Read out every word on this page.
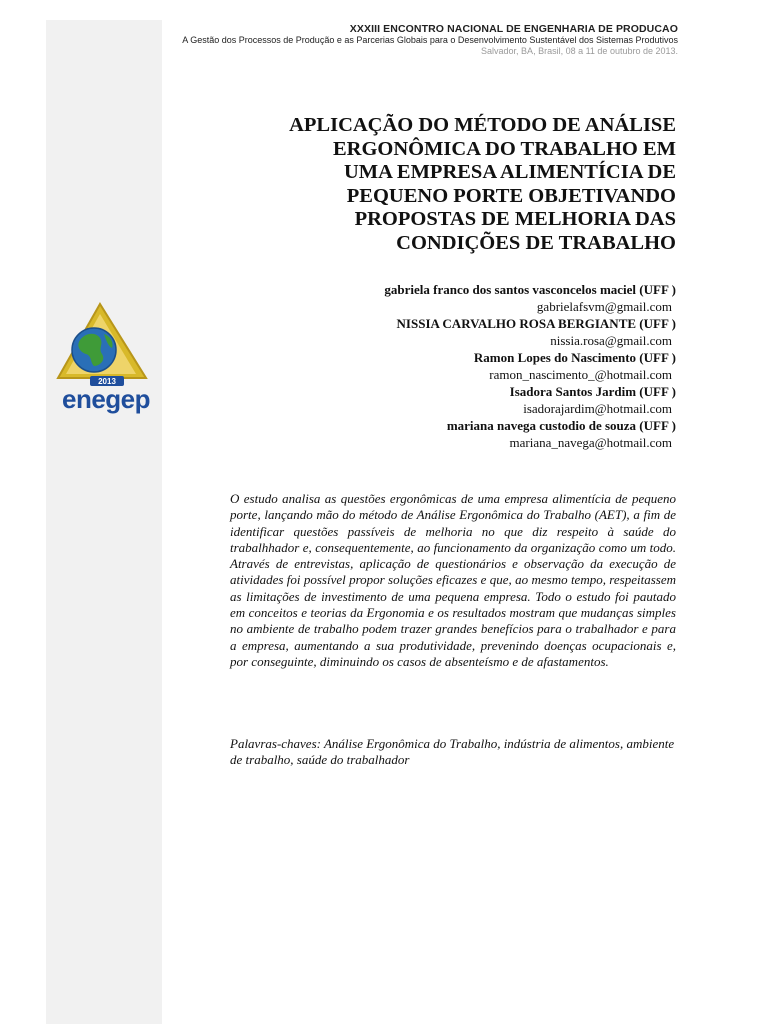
2013
enegep
XXXIII ENCONTRO NACIONAL DE ENGENHARIA DE PRODUCAO
A Gestão dos Processos de Produção e as Parcerias Globais para o Desenvolvimento Sustentável dos Sistemas Produtivos
Salvador, BA, Brasil, 08 a 11 de outubro de 2013.
APLICAÇÃO DO MÉTODO DE ANÁLISE
ERGONÔMICA DO TRABALHO EM
UMA EMPRESA ALIMENTÍCIA DE
PEQUENO PORTE OBJETIVANDO
PROPOSTAS DE MELHORIA DAS
CONDIÇÕES DE TRABALHO
gabriela franco dos santos vasconcelos maciel (UFF )
gabrielafsvm@gmail.com
NISSIA CARVALHO ROSA BERGIANTE (UFF )
nissia.rosa@gmail.com
Ramon Lopes do Nascimento (UFF )
ramon_nascimento_@hotmail.com
Isadora Santos Jardim (UFF )
isadorajardim@hotmail.com
mariana navega custodio de souza (UFF )
mariana_navega@hotmail.com

O estudo analisa as questões ergonômicas de uma empresa alimentícia de pequeno porte, lançando mão do método de Análise Ergonômica do Trabalho (AET), a fim de identificar questões passíveis de melhoria no que diz respeito à saúde do trabalhhador e, consequentemente, ao funcionamento da organização como um todo. Através de entrevistas, aplicação de questionários e observação da execução de atividades foi possível propor soluções eficazes e que, ao mesmo tempo, respeitassem as limitações de investimento de uma pequena empresa. Todo o estudo foi pautado em conceitos e teorias da Ergonomia e os resultados mostram que mudanças simples no ambiente de trabalho podem trazer grandes benefícios para o trabalhador e para a empresa, aumentando a sua produtividade, prevenindo doenças ocupacionais e, por conseguinte, diminuindo os casos de absenteísmo e de afastamentos.

Palavras-chaves: Análise Ergonômica do Trabalho, indústria de alimentos, ambiente de trabalho, saúde do trabalhador
